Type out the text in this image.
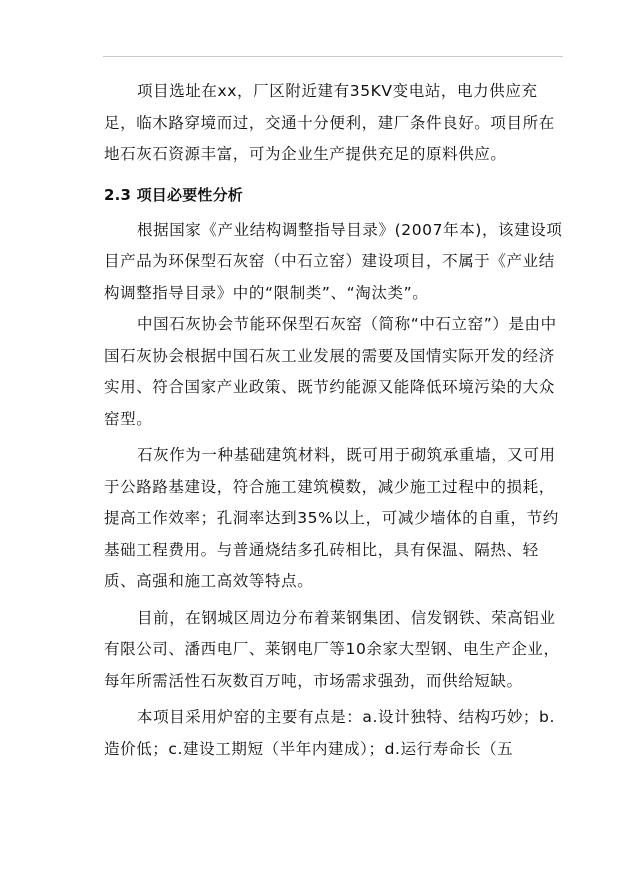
项目选址在xx，厂区附近建有35KV变电站，电力供应充足，临木路穿境而过，交通十分便利，建厂条件良好。项目所在地石灰石资源丰富，可为企业生产提供充足的原料供应。

2.3 项目必要性分析

根据国家《产业结构调整指导目录》(2007年本)，该建设项目产品为环保型石灰窑（中石立窑）建设项目，不属于《产业结构调整指导目录》中的“限制类”、“淘汰类”。

中国石灰协会节能环保型石灰窑（简称“中石立窑”）是由中国石灰协会根据中国石灰工业发展的需要及国情实际开发的经济实用、符合国家产业政策、既节约能源又能降低环境污染的大众窑型。

石灰作为一种基础建筑材料，既可用于砌筑承重墙，又可用于公路路基建设，符合施工建筑模数，减少施工过程中的损耗，提高工作效率；孔洞率达到35%以上，可减少墙体的自重，节约基础工程费用。与普通烧结多孔砖相比，具有保温、隔热、轻质、高强和施工高效等特点。

目前，在钢城区周边分布着莱钢集团、信发钢铁、荣高铝业有限公司、潘西电厂、莱钢电厂等10余家大型钢、电生产企业，每年所需活性石灰数百万吨，市场需求强劲，而供给短缺。

本项目采用炉窑的主要有点是：a.设计独特、结构巧妙；b.造价低；c.建设工期短（半年内建成）；d.运行寿命长（五
